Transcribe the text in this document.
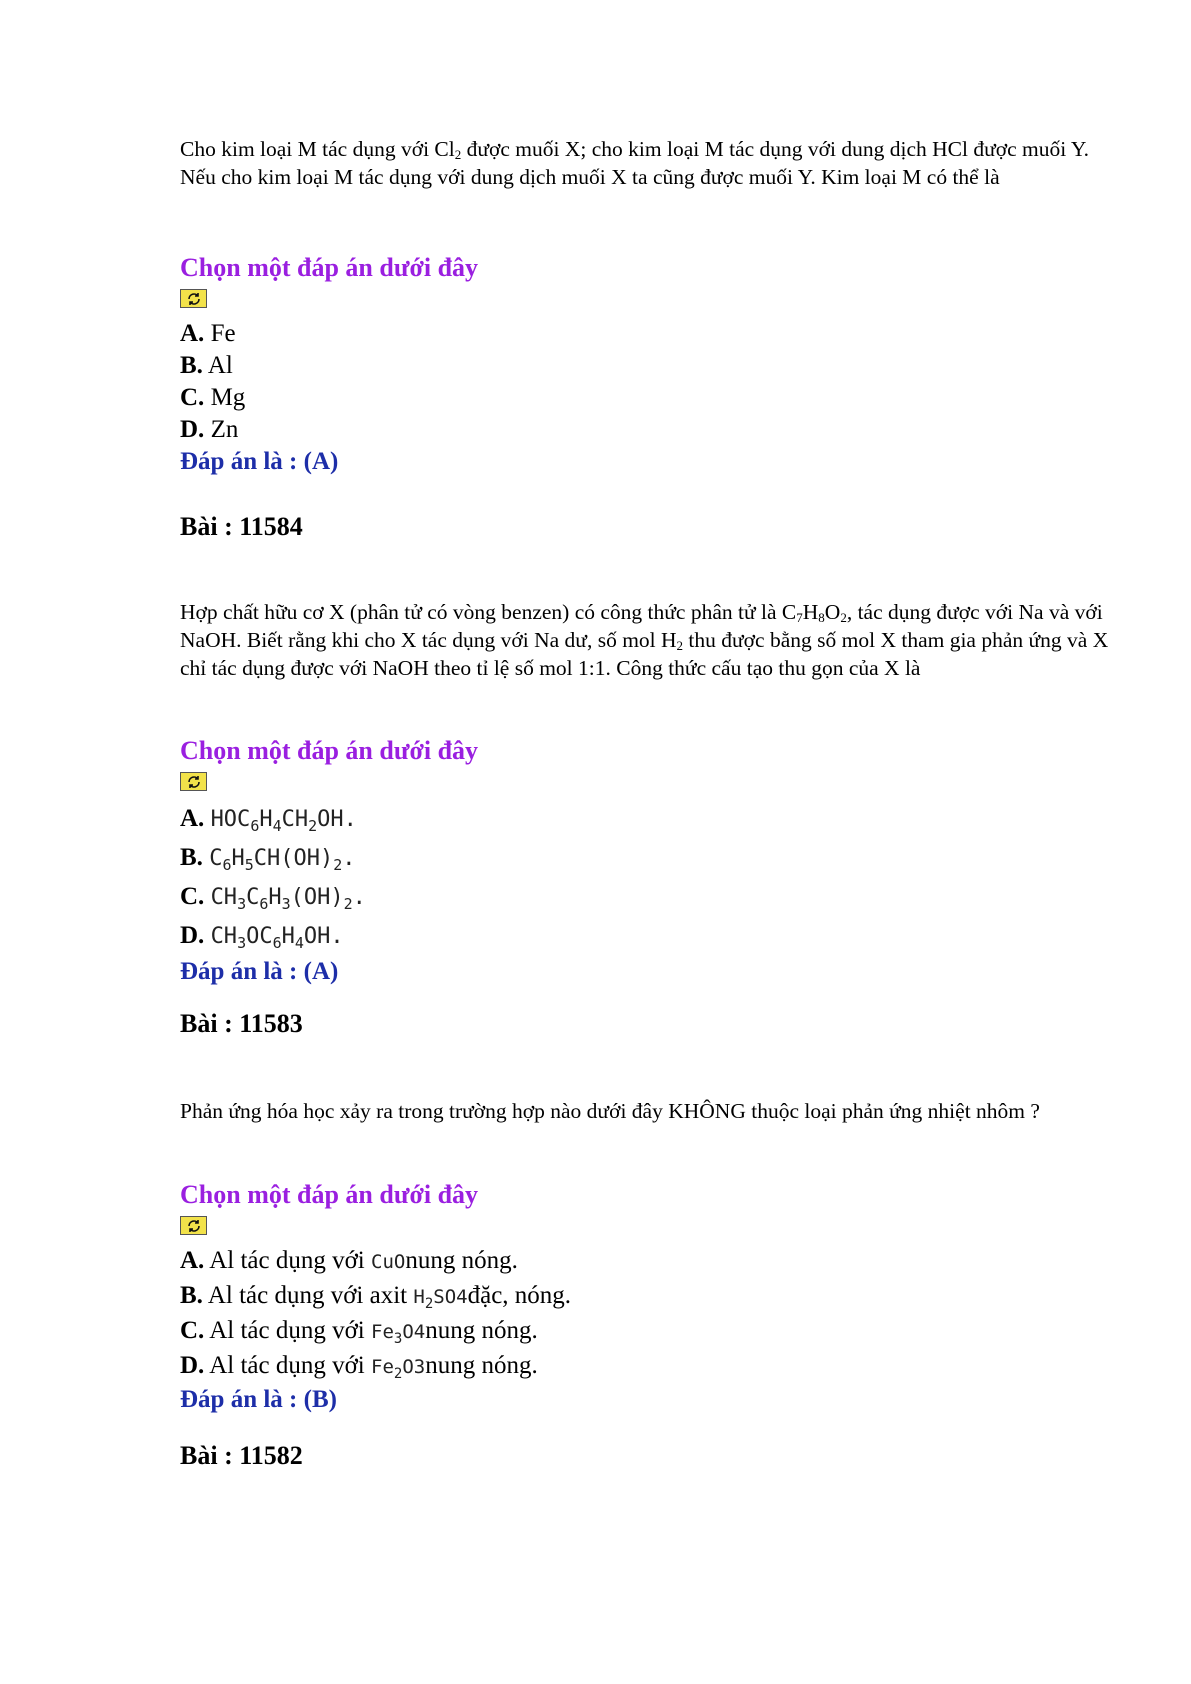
Cho kim loại M tác dụng với $Cl_2$ được muối X; cho kim loại M tác dụng với dung dịch HCl được muối Y. Nếu cho kim loại M tác dụng với dung dịch muối X ta cũng được muối Y. Kim loại M có thể là

Chọn một đáp án dưới đây

A. Fe

B. Al

C. Mg

D. Zn

Đáp án là : (A)

Bài : 11584

Hợp chất hữu cơ X (phân tử có vòng benzen) có công thức phân tử là $C_7H_8O_2$, tác dụng được với Na và với NaOH. Biết rằng khi cho X tác dụng với Na dư, số mol $H_2$ thu được bằng số mol X tham gia phản ứng và X chỉ tác dụng được với NaOH theo tỉ lệ số mol 1:1. Công thức cấu tạo thu gọn của X là

Chọn một đáp án dưới đây

A. $HOC_6H_4CH_2OH$.

B. $C_6H_5CH(OH)_2$.

C. $CH_3C_6H_3(OH)_2$.

D. $CH_3OC_6H_4OH$.

Đáp án là : (A)

Bài : 11583

Phản ứng hóa học xảy ra trong trường hợp nào dưới đây KHÔNG thuộc loại phản ứng nhiệt nhôm ?

Chọn một đáp án dưới đây

A. Al tác dụng với CuOnung nóng.

B. Al tác dụng với axit $H_2SO4đặc$, nóng.

C. Al tác dụng với $Fe_3O4nung$ nóng.

D. Al tác dụng với $Fe_2O3nung$ nóng.

Đáp án là : (B)

Bài : 11582
